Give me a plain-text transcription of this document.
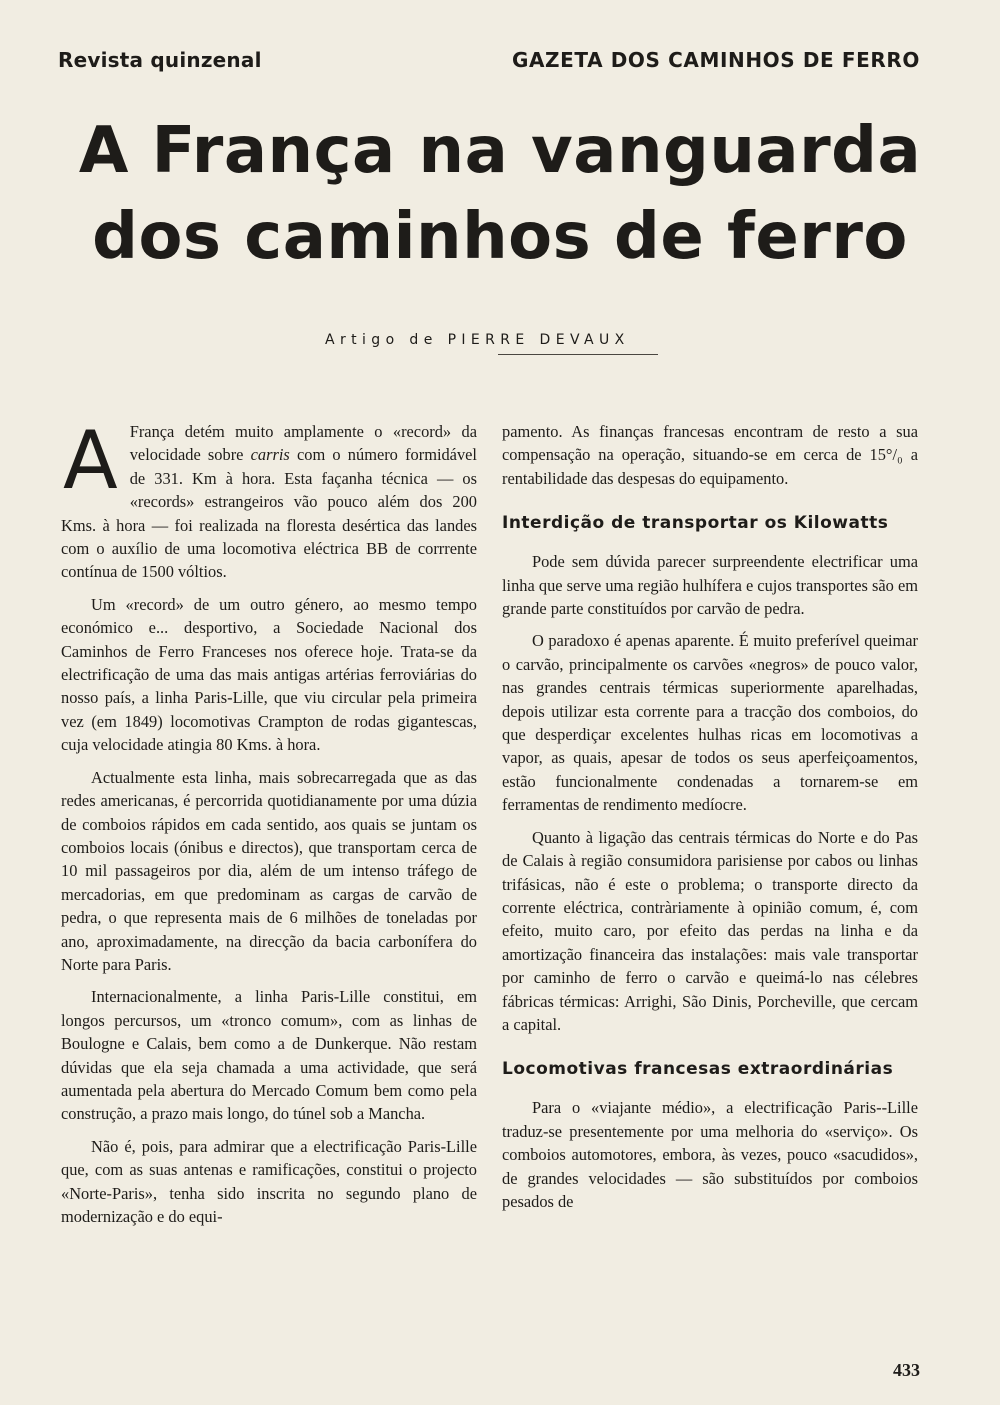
Revista quinzenal	GAZETA DOS CAMINHOS DE FERRO
A França na vanguarda
dos caminhos de ferro
Artigo de PIERRE DEVAUX

A França detém muito amplamente o «record» da velocidade sobre carris com o número formidável de 331. Km à hora. Esta façanha técnica — os «records» estrangeiros vão pouco além dos 200 Kms. à hora — foi realizada na floresta desértica das landes com o auxílio de uma locomotiva eléctrica BB de corrrente contínua de 1500 vóltios.

Um «record» de um outro género, ao mesmo tempo económico e... desportivo, a Sociedade Nacional dos Caminhos de Ferro Franceses nos oferece hoje. Trata-se da electrificação de uma das mais antigas artérias ferroviárias do nosso país, a linha Paris-Lille, que viu circular pela primeira vez (em 1849) locomotivas Crampton de rodas gigantescas, cuja velocidade atingia 80 Kms. à hora.

Actualmente esta linha, mais sobrecarregada que as das redes americanas, é percorrida quotidianamente por uma dúzia de comboios rápidos em cada sentido, aos quais se juntam os comboios locais (ónibus e directos), que transportam cerca de 10 mil passageiros por dia, além de um intenso tráfego de mercadorias, em que predominam as cargas de carvão de pedra, o que representa mais de 6 milhões de toneladas por ano, aproximadamente, na direcção da bacia carbonífera do Norte para Paris.

Internacionalmente, a linha Paris-Lille constitui, em longos percursos, um «tronco comum», com as linhas de Boulogne e Calais, bem como a de Dunkerque. Não restam dúvidas que ela seja chamada a uma actividade, que será aumentada pela abertura do Mercado Comum bem como pela construção, a prazo mais longo, do túnel sob a Mancha.

Não é, pois, para admirar que a electrificação Paris-Lille que, com as suas antenas e ramificações, constitui o projecto «Norte-Paris», tenha sido inscrita no segundo plano de modernização e do equi-

pamento. As finanças francesas encontram de resto a sua compensação na operação, situando-se em cerca de 15°/₀ a rentabilidade das despesas do equipamento.

Interdição de transportar os Kilowatts

Pode sem dúvida parecer surpreendente electrificar uma linha que serve uma região hulhífera e cujos transportes são em grande parte constituídos por carvão de pedra.

O paradoxo é apenas aparente. É muito preferível queimar o carvão, principalmente os carvões «negros» de pouco valor, nas grandes centrais térmicas superiormente aparelhadas, depois utilizar esta corrente para a tracção dos comboios, do que desperdiçar excelentes hulhas ricas em locomotivas a vapor, as quais, apesar de todos os seus aperfeiçoamentos, estão funcionalmente condenadas a tornarem-se em ferramentas de rendimento medíocre.

Quanto à ligação das centrais térmicas do Norte e do Pas de Calais à região consumidora parisiense por cabos ou linhas trifásicas, não é este o problema; o transporte directo da corrente eléctrica, contràriamente à opinião comum, é, com efeito, muito caro, por efeito das perdas na linha e da amortização financeira das instalações: mais vale transportar por caminho de ferro o carvão e queimá-lo nas célebres fábricas térmicas: Arrighi, São Dinis, Porcheville, que cercam a capital.

Locomotivas francesas extraordinárias

Para o «viajante médio», a electrificação Paris--Lille traduz-se presentemente por uma melhoria do «serviço». Os comboios automotores, embora, às vezes, pouco «sacudidos», de grandes velocidades — são substituídos por comboios pesados de

433
